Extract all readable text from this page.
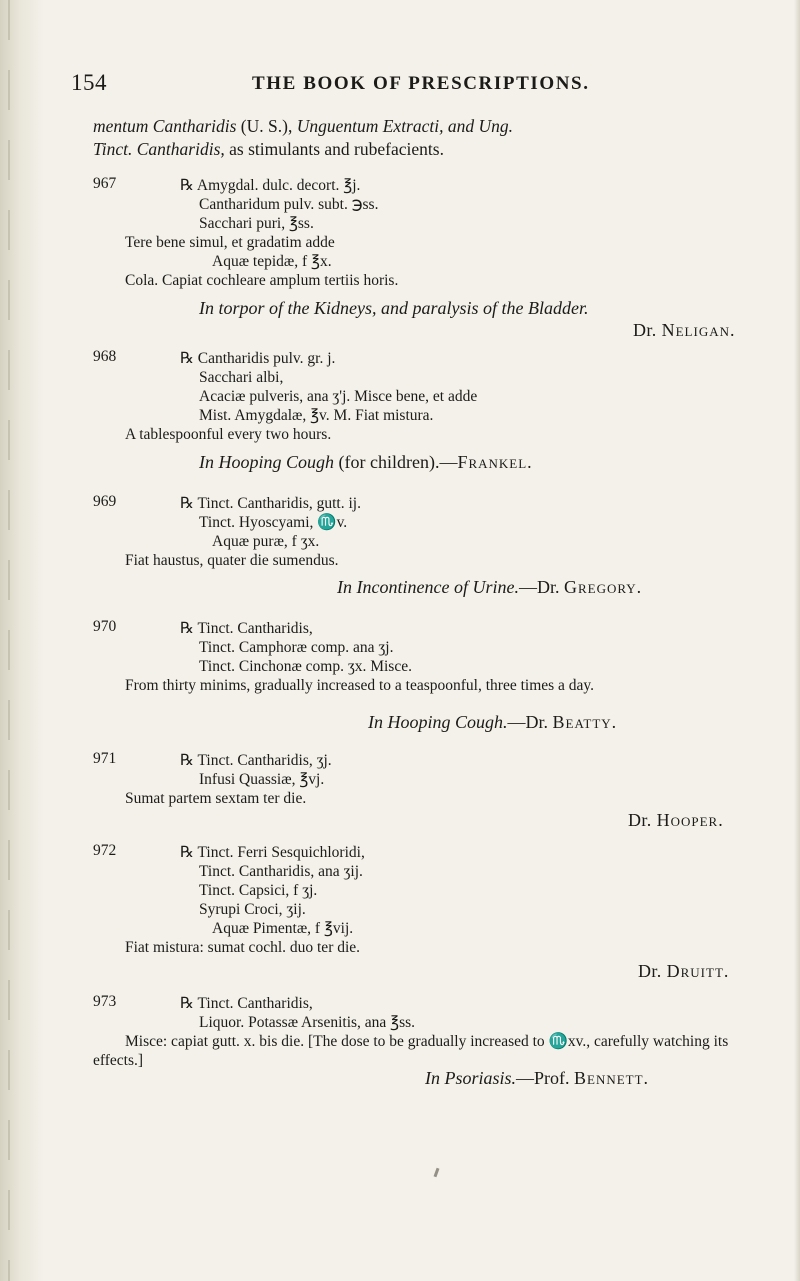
154	THE BOOK OF PRESCRIPTIONS.
mentum Cantharidis (U. S.), Unguentum Extracti, and Ung.
Tinct. Cantharidis, as stimulants and rubefacients.
967	℞ Amygdal. dulc. decort. ℥j.
Cantharidum pulv. subt. ℈ss.
Sacchari puri, ℥ss.
Tere bene simul, et gradatim adde
Aquæ tepidæ, f ℥x.
Cola. Capiat cochleare amplum tertiis horis.
In torpor of the Kidneys, and paralysis of the Bladder.
Dr. Neligan.
968	℞ Cantharidis pulv. gr. j.
Sacchari albi,
Acaciæ pulveris, ana ʒ'j. Misce bene, et adde
Mist. Amygdalæ, ℥v. M. Fiat mistura.
A tablespoonful every two hours.
In Hooping Cough (for children).—Frankel.
969	℞ Tinct. Cantharidis, gutt. ij.
Tinct. Hyoscyami, ♏v.
Aquæ puræ, f ʒx.
Fiat haustus, quater die sumendus.
In Incontinence of Urine.—Dr. Gregory.
970	℞ Tinct. Cantharidis,
Tinct. Camphoræ comp. ana ʒj.
Tinct. Cinchonæ comp. ʒx. Misce.
From thirty minims, gradually increased to a teaspoonful, three times a day.
In Hooping Cough.—Dr. Beatty.
971	℞ Tinct. Cantharidis, ʒj.
Infusi Quassiæ, ℥vj.
Sumat partem sextam ter die.
Dr. Hooper.
972	℞ Tinct. Ferri Sesquichloridi,
Tinct. Cantharidis, ana ʒij.
Tinct. Capsici, f ʒj.
Syrupi Croci, ʒij.
Aquæ Pimentæ, f ℥vij.
Fiat mistura: sumat cochl. duo ter die.
Dr. Druitt.
973	℞ Tinct. Cantharidis,
Liquor. Potassæ Arsenitis, ana ℥ss.
Misce: capiat gutt. x. bis die. [The dose to be gradually increased to ♏xv., carefully watching its effects.]
In Psoriasis.—Prof. Bennett.
